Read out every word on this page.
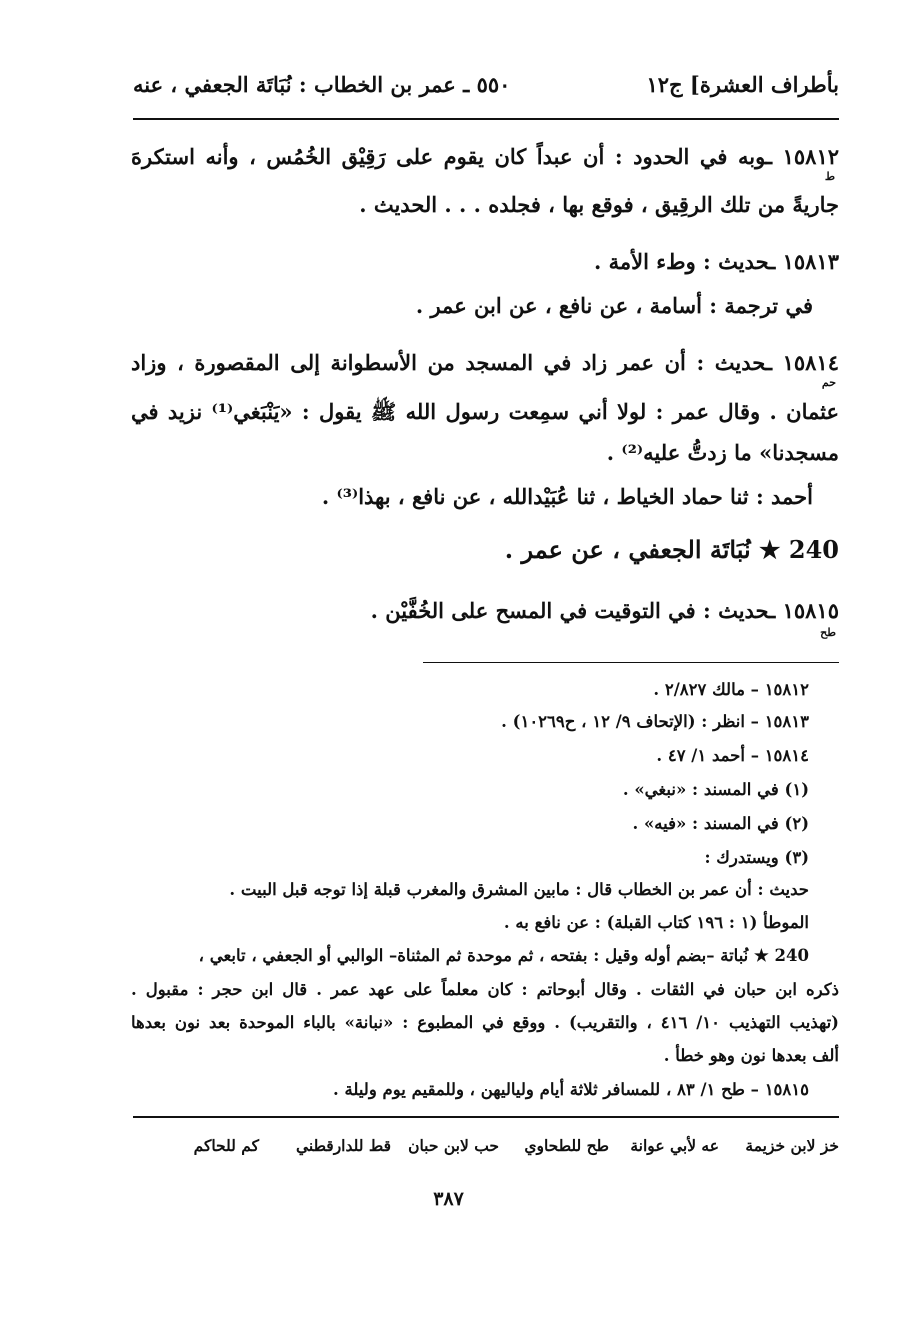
بأطراف العشرة] ج١٢
٥٥٠ ـ عمر بن الخطاب : نُبَاتَة الجعفي ، عنه
١٥٨١٢ ـوبه في الحدود : أن عبداً كان يقوم على رَقِيْق الخُمُس ، وأنه استكرهَ
ط
جاريةً من تلك الرقِيق ، فوقع بها ، فجلده . . . الحديث .
١٥٨١٣ ـحديث : وطء الأمة .
في ترجمة : أسامة ، عن نافع ، عن ابن عمر .
١٥٨١٤ ـحديث : أن عمر زاد في المسجد من الأسطوانة إلى المقصورة ، وزاد
حم
عثمان . وقال عمر : لولا أني سمِعت رسول الله ﷺ يقول : «يَنْبَغي⁽¹⁾ نزيد في
مسجدنا» ما زدتُّ عليه⁽²⁾ .
أحمد : ثنا حماد الخياط ، ثنا عُبَيْدالله ، عن نافع ، بهذا⁽³⁾ .
240 ★ نُبَاتَة الجعفي ، عن عمر .
١٥٨١٥ ـحديث : في التوقيت في المسح على الخُفَّيْن .
طح
١٥٨١٢ – مالك ٢/٨٢٧ .
١٥٨١٣ – انظر : (الإتحاف ٩/ ١٢ ، ح١٠٢٦٩) .
١٥٨١٤ – أحمد ١/ ٤٧ .
(١) في المسند : «نبغي» .
(٢) في المسند : «فيه» .
(٣) ويستدرك :
حديث : أن عمر بن الخطاب قال : مابين المشرق والمغرب قبلة إذا توجه قبل البيت .
الموطأ (١ : ١٩٦ كتاب القبلة) : عن نافع به .
240 ★ نُباتة –بضم أوله وقيل : بفتحه ، ثم موحدة ثم المثناة– الوالبي أو الجعفي ، تابعي ،
ذكره ابن حبان في الثقات . وقال أبوحاتم : كان معلماً على عهد عمر . قال ابن حجر : مقبول .
(تهذيب التهذيب ١٠/ ٤١٦ ، والتقريب) . ووقع في المطبوع : «نبانة» بالباء الموحدة بعد نون بعدها
ألف بعدها نون وهو خطأ .
١٥٨١٥ – طح ١/ ٨٣ ، للمسافر ثلاثة أيام ولياليهن ، وللمقيم يوم وليلة .
خز لابن خزيمة
عه لأبي عوانة
طح للطحاوي
حب لابن حبان
قط للدارقطني
كم للحاكم
٣٨٧
